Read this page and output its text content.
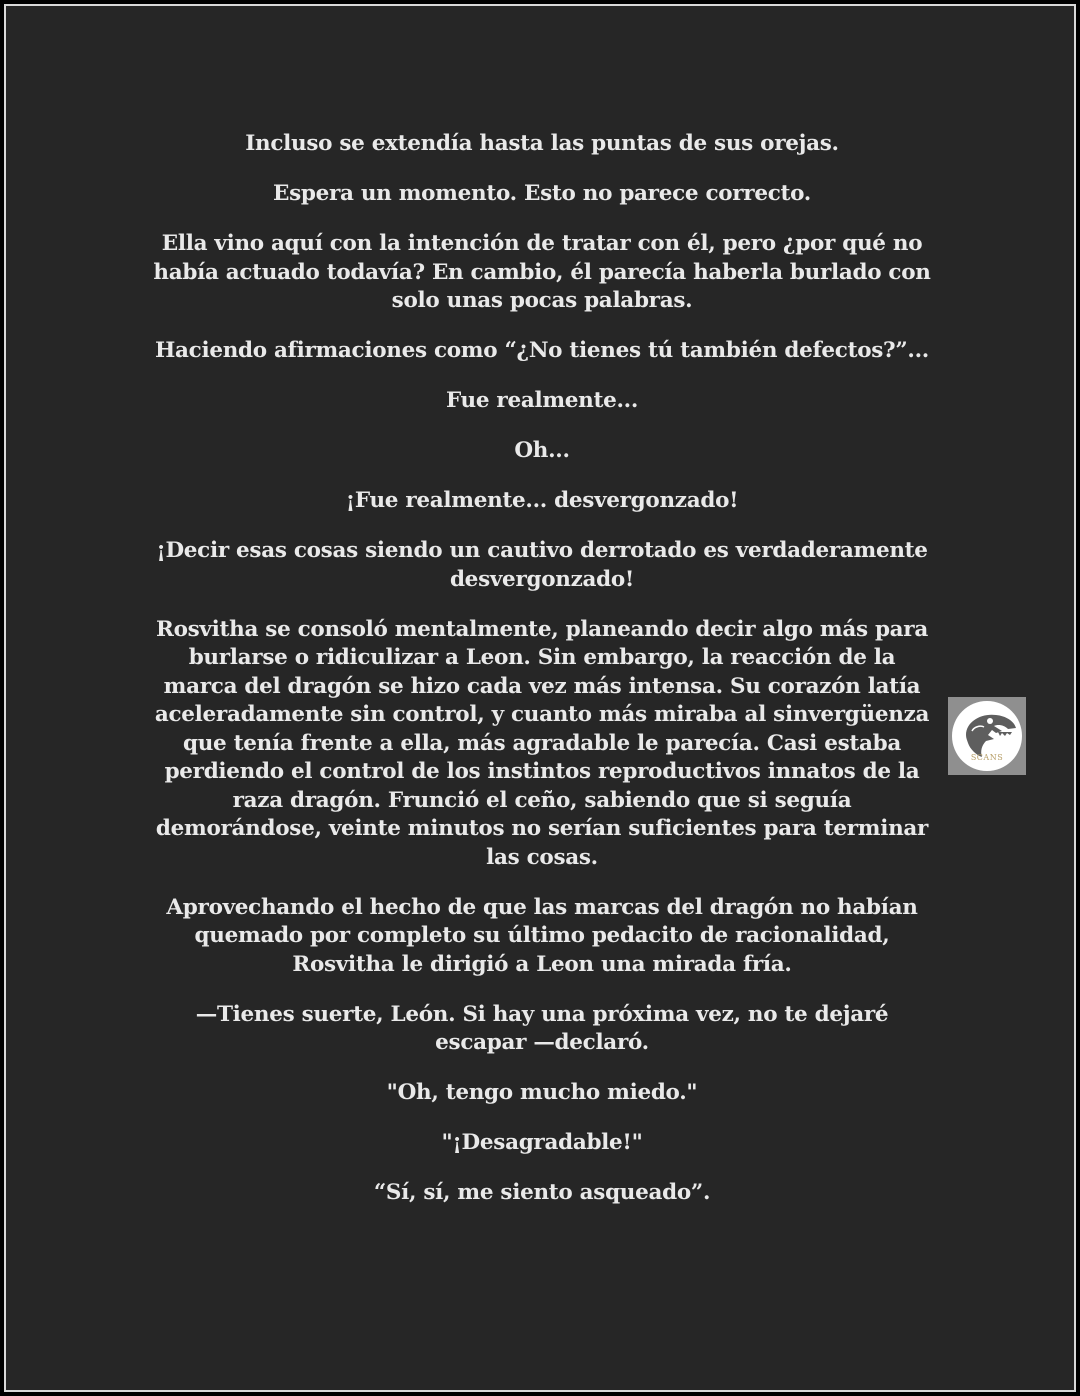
Incluso se extendía hasta las puntas de sus orejas.

Espera un momento. Esto no parece correcto.

Ella vino aquí con la intención de tratar con él, pero ¿por qué no había actuado todavía? En cambio, él parecía haberla burlado con solo unas pocas palabras.

Haciendo afirmaciones como “¿No tienes tú también defectos?”...

Fue realmente...

Oh...

¡Fue realmente... desvergonzado!

¡Decir esas cosas siendo un cautivo derrotado es verdaderamente desvergonzado!

Rosvitha se consoló mentalmente, planeando decir algo más para burlarse o ridiculizar a Leon. Sin embargo, la reacción de la marca del dragón se hizo cada vez más intensa. Su corazón latía aceleradamente sin control, y cuanto más miraba al sinvergüenza que tenía frente a ella, más agradable le parecía. Casi estaba perdiendo el control de los instintos reproductivos innatos de la raza dragón. Frunció el ceño, sabiendo que si seguía demorándose, veinte minutos no serían suficientes para terminar las cosas.

Aprovechando el hecho de que las marcas del dragón no habían quemado por completo su último pedacito de racionalidad, Rosvitha le dirigió a Leon una mirada fría.

—Tienes suerte, León. Si hay una próxima vez, no te dejaré escapar —declaró.

"Oh, tengo mucho miedo."

"¡Desagradable!"

“Sí, sí, me siento asqueado”.

SCANS
